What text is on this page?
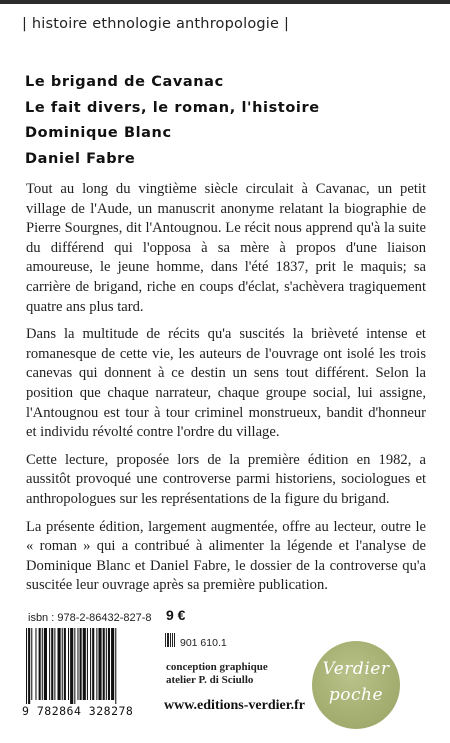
| histoire ethnologie anthropologie |
Le brigand de Cavanac
Le fait divers, le roman, l'histoire
Dominique Blanc
Daniel Fabre

Tout au long du vingtième siècle circulait à Cavanac, un petit village de l'Aude, un manuscrit anonyme relatant la biographie de Pierre Sourgnes, dit l'Antougnou. Le récit nous apprend qu'à la suite du différend qui l'opposa à sa mère à propos d'une liaison amoureuse, le jeune homme, dans l'été 1837, prit le maquis; sa carrière de brigand, riche en coups d'éclat, s'achèvera tragiquement quatre ans plus tard.

Dans la multitude de récits qu'a suscités la brièveté intense et romanesque de cette vie, les auteurs de l'ouvrage ont isolé les trois canevas qui donnent à ce destin un sens tout différent. Selon la position que chaque narrateur, chaque groupe social, lui assigne, l'Antougnou est tour à tour criminel monstrueux, bandit d'honneur et individu révolté contre l'ordre du village.

Cette lecture, proposée lors de la première édition en 1982, a aussitôt provoqué une controverse parmi historiens, sociologues et anthropologues sur les représentations de la figure du brigand.

La présente édition, largement augmentée, offre au lecteur, outre le « roman » qui a contribué à alimenter la légende et l'analyse de Dominique Blanc et Daniel Fabre, le dossier de la controverse qu'a suscitée leur ouvrage après sa première publication.

isbn : 978-2-86432-827-8 9 €
901 610.1
conception graphique
atelier P. di Sciullo
www.editions-verdier.fr
9 782864 328278
Verdier
poche
